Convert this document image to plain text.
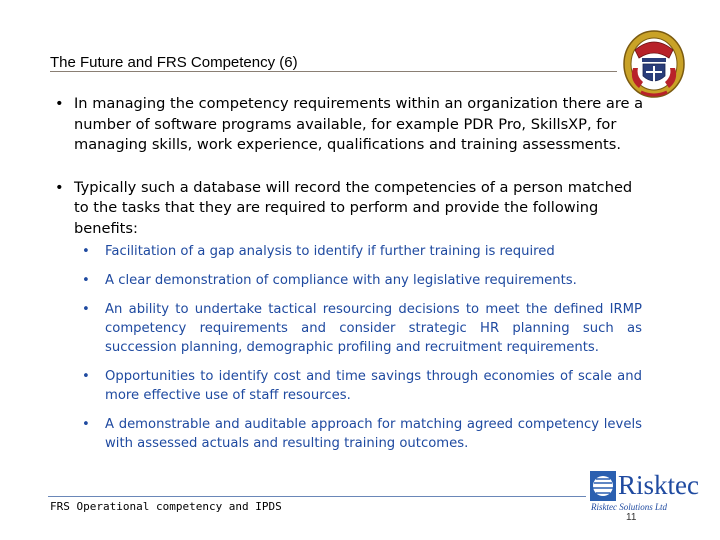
The Future and FRS Competency (6)
• In managing the competency requirements within an organization there are a number of software programs available, for example PDR Pro, SkillsXP, for managing skills, work experience, qualifications and training assessments.
• Typically such a database will record the competencies of a person matched to the tasks that they are required to perform and provide the following benefits:
• Facilitation of a gap analysis to identify if further training is required
• A clear demonstration of compliance with any legislative requirements.
• An ability to undertake tactical resourcing decisions to meet the defined IRMP competency requirements and consider strategic HR planning such as succession planning, demographic profiling and recruitment requirements.
• Opportunities to identify cost and time savings through economies of scale and more effective use of staff resources.
• A demonstrable and auditable approach for matching agreed competency levels with assessed actuals and resulting training outcomes.
FRS Operational competency and IPDS
Risktec
Risktec Solutions Ltd
11
